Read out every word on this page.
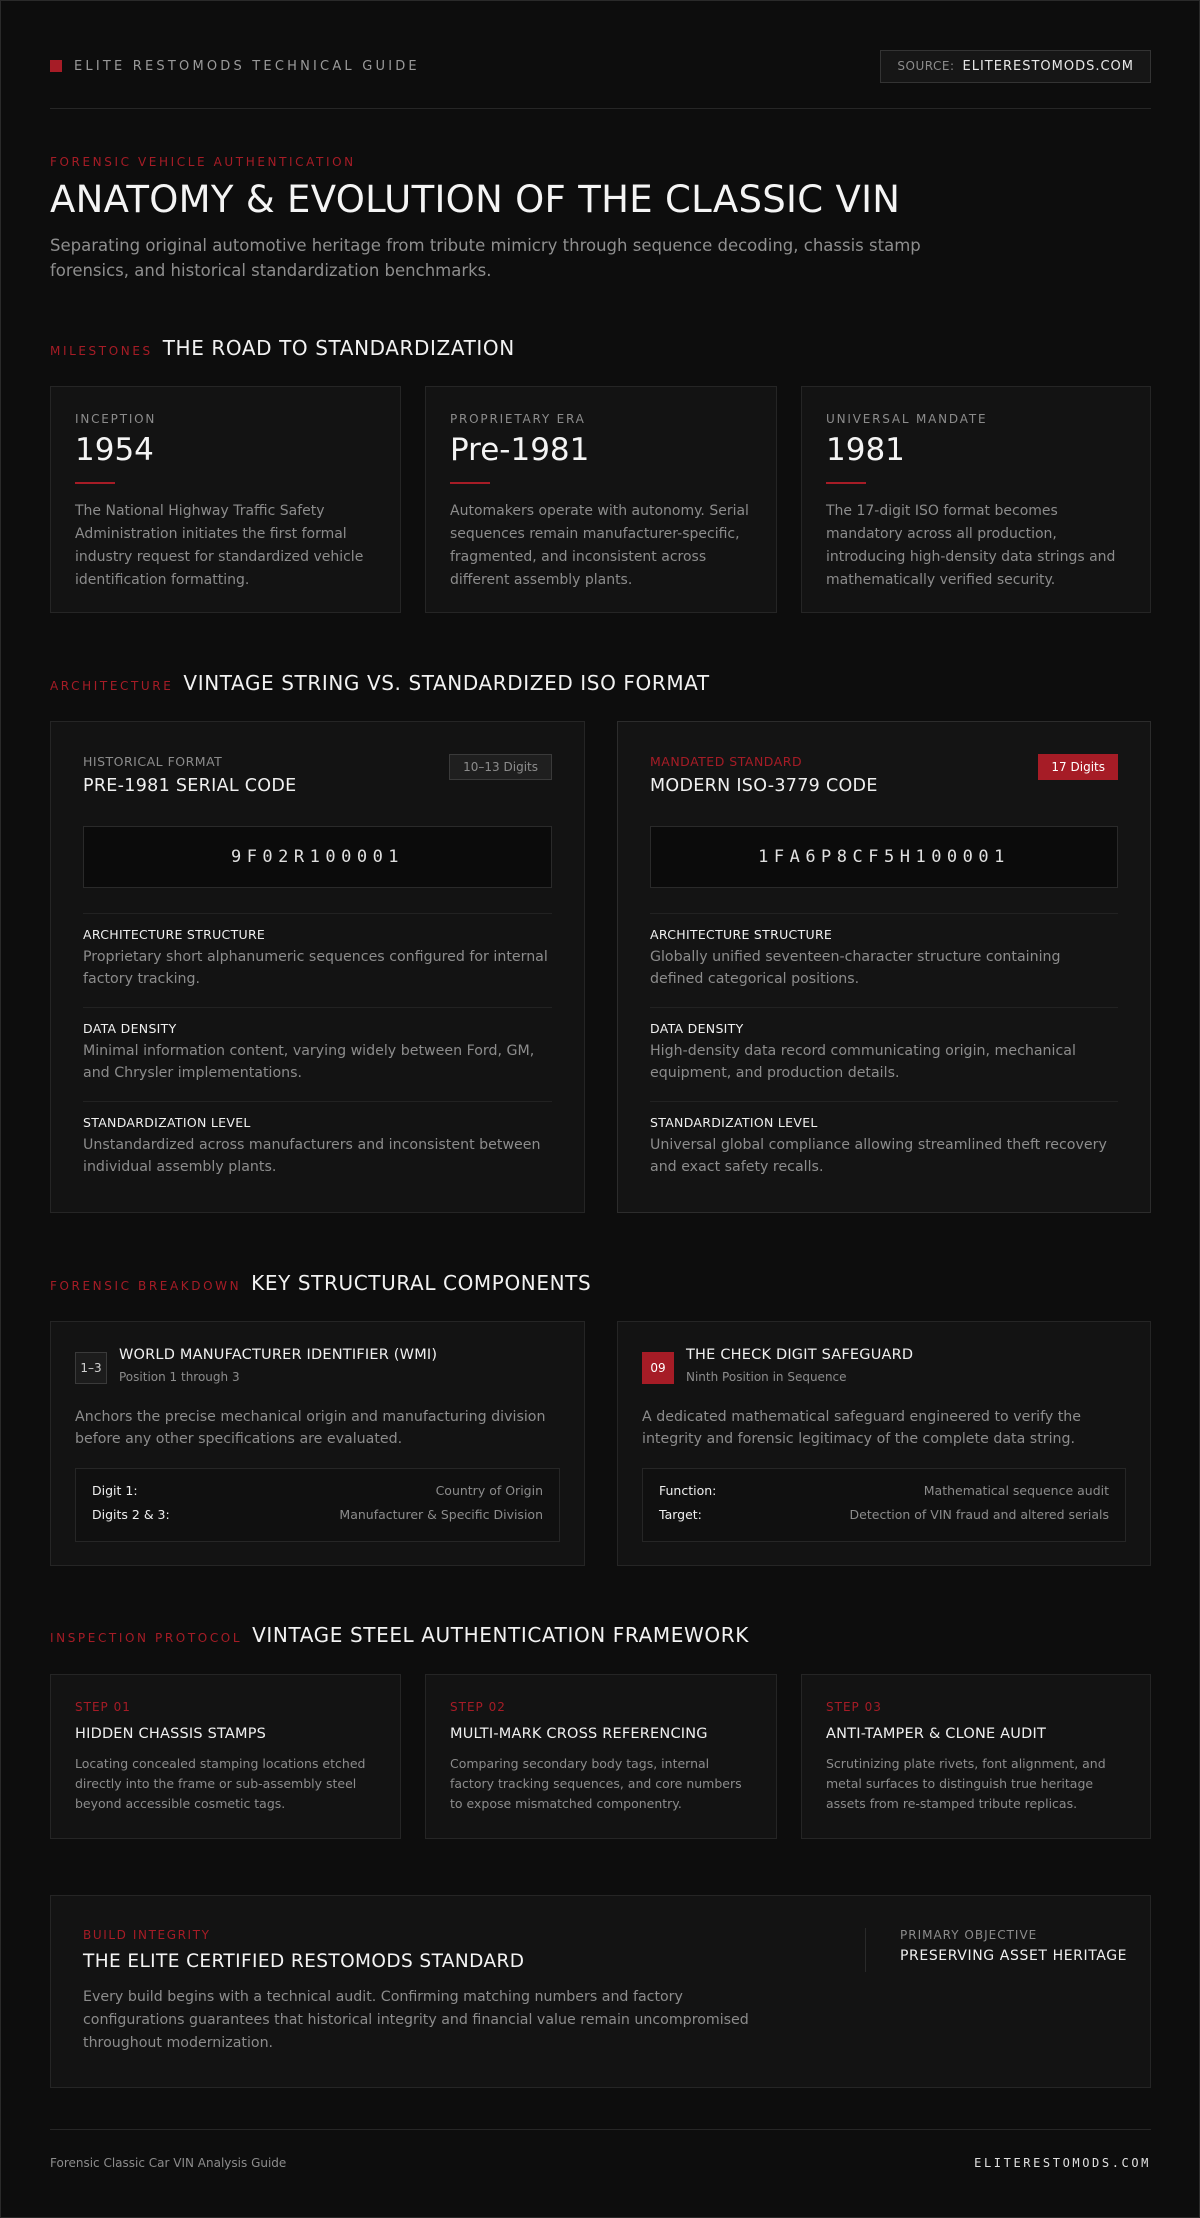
ELITE RESTOMODS TECHNICAL GUIDE	SOURCE: ELITERESTOMODS.COM
FORENSIC VEHICLE AUTHENTICATION
ANATOMY & EVOLUTION OF THE CLASSIC VIN

Separating original automotive heritage from tribute mimicry through sequence decoding, chassis stamp forensics, and historical standardization benchmarks.

MILESTONES THE ROAD TO STANDARDIZATION
INCEPTION
1954
The National Highway Traffic Safety Administration initiates the first formal industry request for standardized vehicle identification formatting.
PROPRIETARY ERA
Pre-1981
Automakers operate with autonomy. Serial sequences remain manufacturer-specific, fragmented, and inconsistent across different assembly plants.
UNIVERSAL MANDATE
1981
The 17-digit ISO format becomes mandatory across all production, introducing high-density data strings and mathematically verified security.
ARCHITECTURE VINTAGE STRING VS. STANDARDIZED ISO FORMAT
HISTORICAL FORMAT
PRE-1981 SERIAL CODE
10–13 Digits
9F02R100001
ARCHITECTURE STRUCTURE
Proprietary short alphanumeric sequences configured for internal factory tracking.
DATA DENSITY
Minimal information content, varying widely between Ford, GM, and Chrysler implementations.
STANDARDIZATION LEVEL
Unstandardized across manufacturers and inconsistent between individual assembly plants.
MANDATED STANDARD
MODERN ISO-3779 CODE
17 Digits
1FA6P8CF5H100001
ARCHITECTURE STRUCTURE
Globally unified seventeen-character structure containing defined categorical positions.
DATA DENSITY
High-density data record communicating origin, mechanical equipment, and production details.
STANDARDIZATION LEVEL
Universal global compliance allowing streamlined theft recovery and exact safety recalls.
FORENSIC BREAKDOWN KEY STRUCTURAL COMPONENTS
1–3
WORLD MANUFACTURER IDENTIFIER (WMI)
Position 1 through 3
Anchors the precise mechanical origin and manufacturing division before any other specifications are evaluated.
Digit 1:	Country of Origin
Digits 2 & 3:	Manufacturer & Specific Division
09
THE CHECK DIGIT SAFEGUARD
Ninth Position in Sequence
A dedicated mathematical safeguard engineered to verify the integrity and forensic legitimacy of the complete data string.
Function:	Mathematical sequence audit
Target:	Detection of VIN fraud and altered serials
INSPECTION PROTOCOL VINTAGE STEEL AUTHENTICATION FRAMEWORK
STEP 01
HIDDEN CHASSIS STAMPS
Locating concealed stamping locations etched directly into the frame or sub-assembly steel beyond accessible cosmetic tags.
STEP 02
MULTI-MARK CROSS REFERENCING
Comparing secondary body tags, internal factory tracking sequences, and core numbers to expose mismatched componentry.
STEP 03
ANTI-TAMPER & CLONE AUDIT
Scrutinizing plate rivets, font alignment, and metal surfaces to distinguish true heritage assets from re-stamped tribute replicas.
BUILD INTEGRITY
THE ELITE CERTIFIED RESTOMODS STANDARD
Every build begins with a technical audit. Confirming matching numbers and factory configurations guarantees that historical integrity and financial value remain uncompromised throughout modernization.
PRIMARY OBJECTIVE
PRESERVING ASSET HERITAGE
Forensic Classic Car VIN Analysis Guide	ELITERESTOMODS.COM
